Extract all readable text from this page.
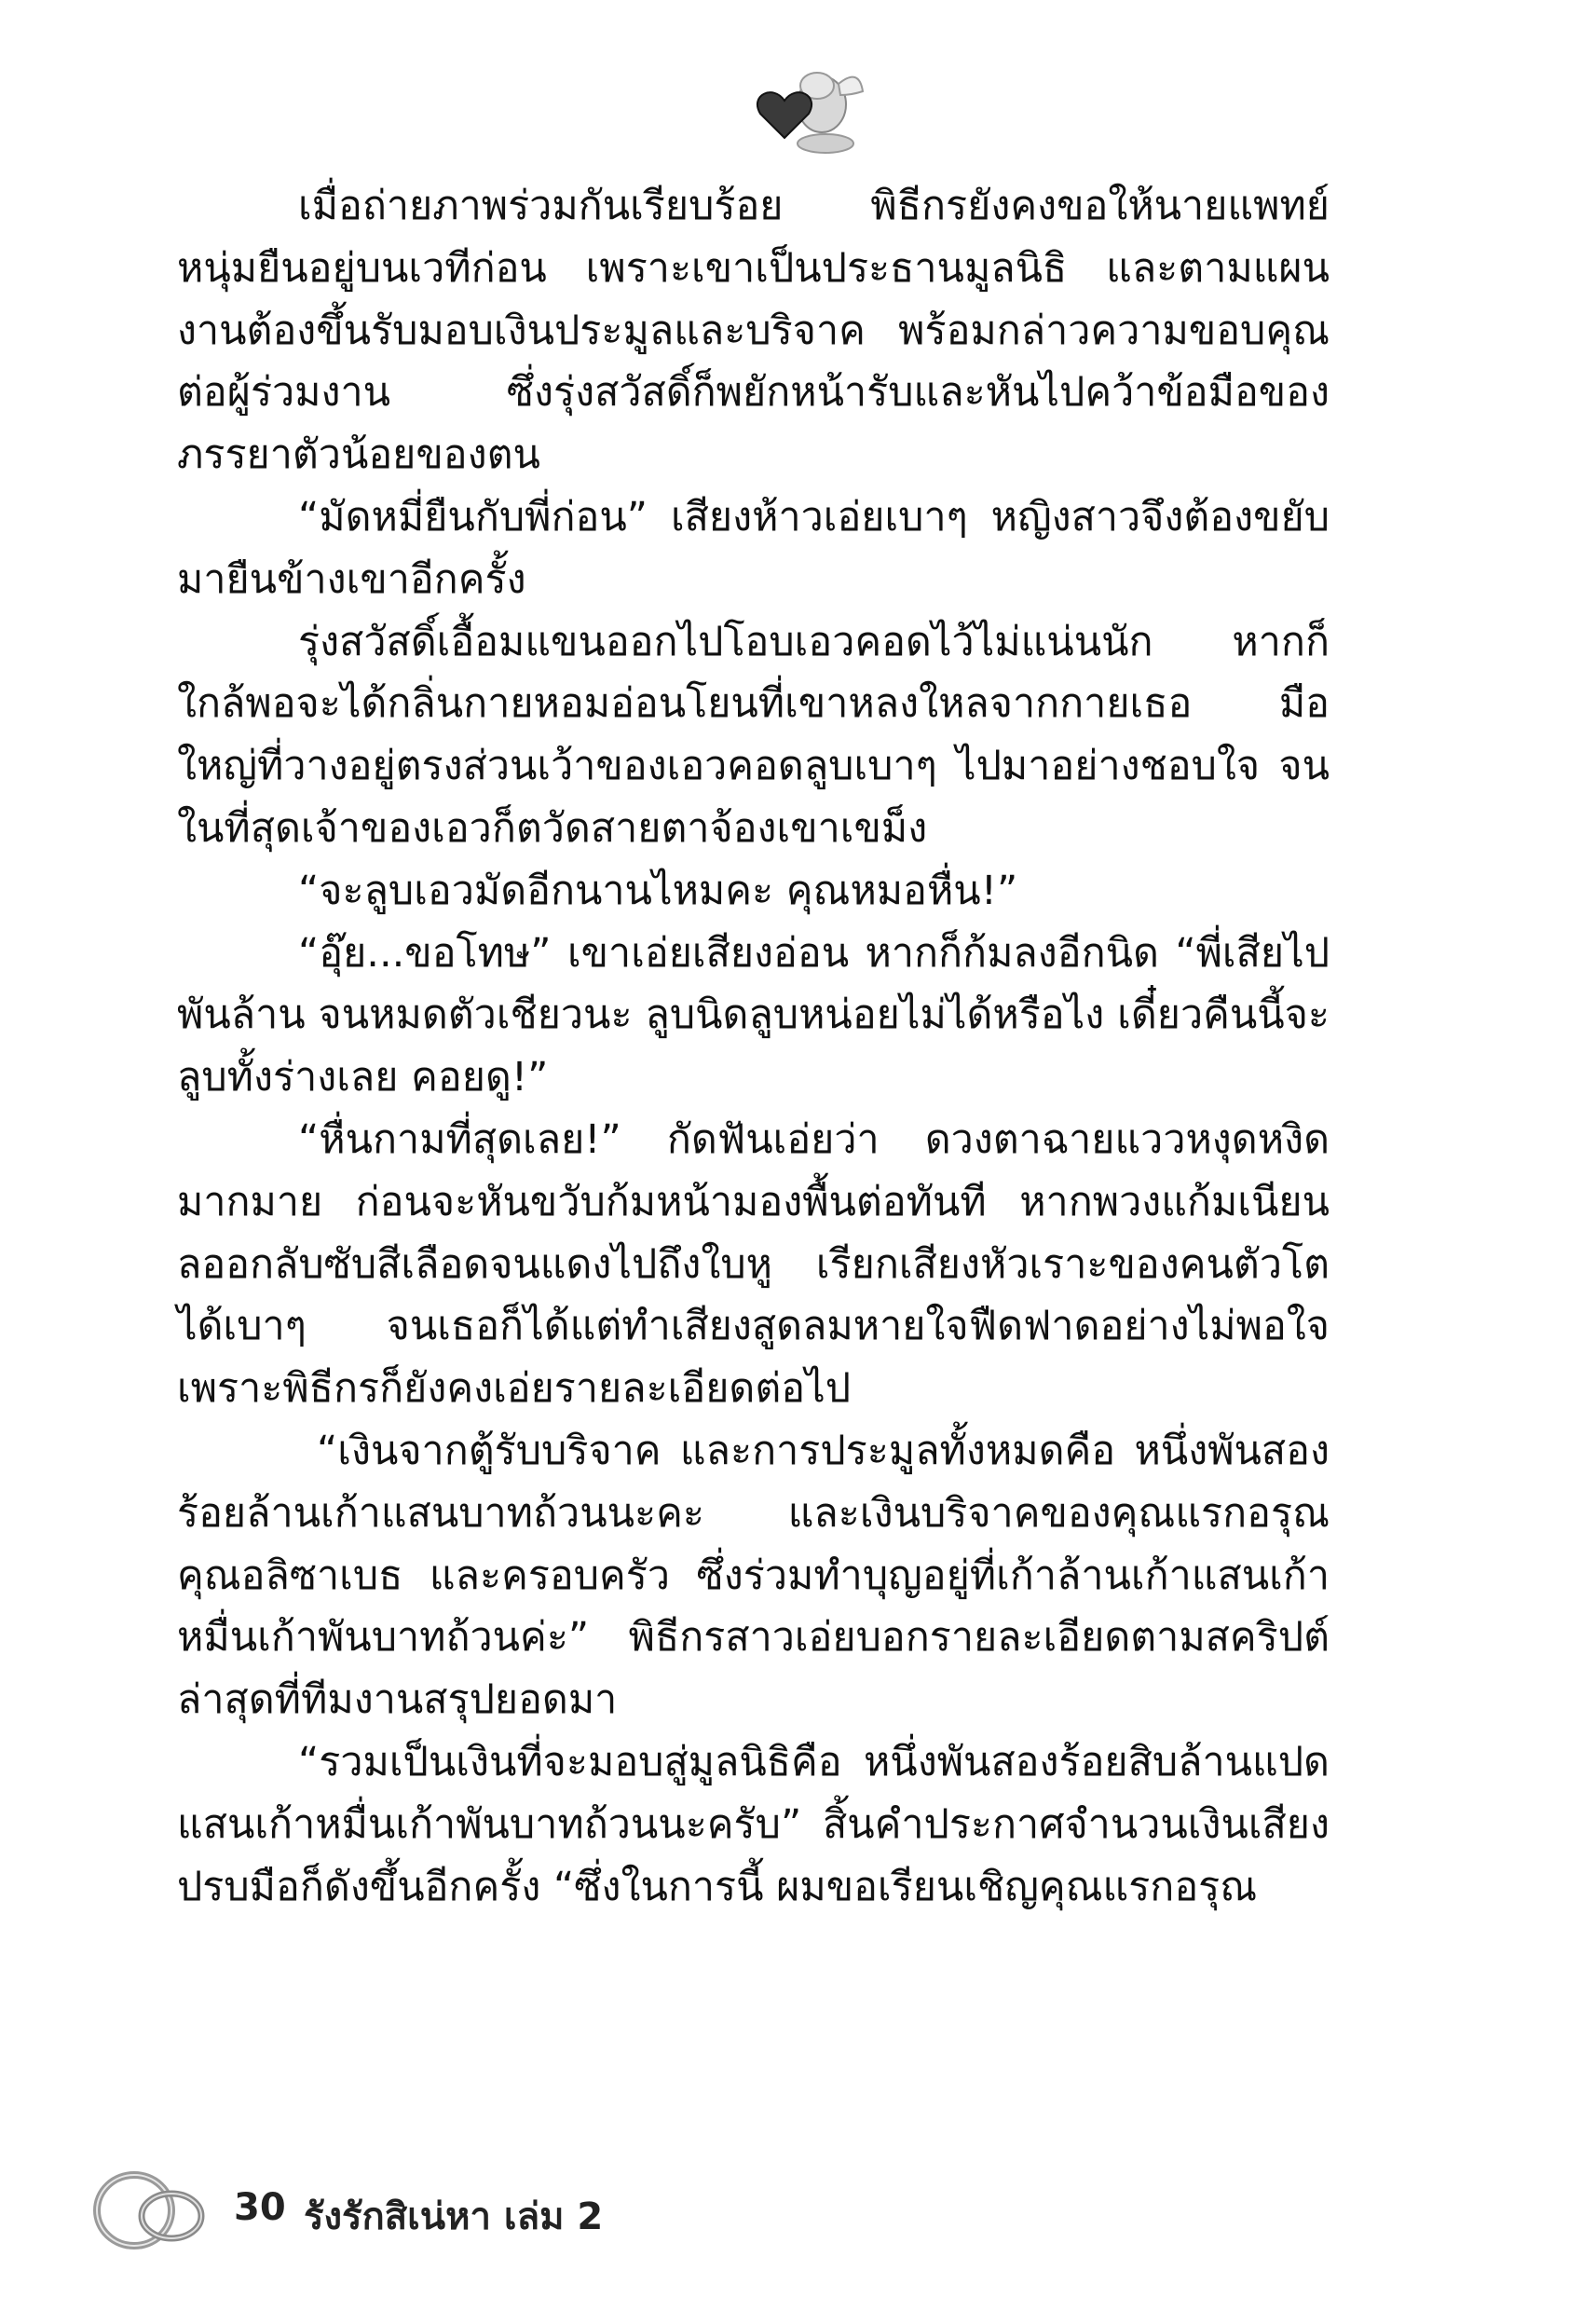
เมื่อถ่ายภาพร่วมกันเรียบร้อย พิธีกรยังคงขอให้นายแพทย์หนุ่มยืนอยู่บนเวทีก่อน เพราะเขาเป็นประธานมูลนิธิ และตามแผนงานต้องขึ้นรับมอบเงินประมูลและบริจาค พร้อมกล่าวความขอบคุณต่อผู้ร่วมงาน ซึ่งรุ่งสวัสดิ์ก็พยักหน้ารับและหันไปคว้าข้อมือของภรรยาตัวน้อยของตน

“มัดหมี่ยืนกับพี่ก่อน” เสียงห้าวเอ่ยเบาๆ หญิงสาวจึงต้องขยับมายืนข้างเขาอีกครั้ง

รุ่งสวัสดิ์เอื้อมแขนออกไปโอบเอวคอดไว้ไม่แน่นนัก หากก็ใกล้พอจะได้กลิ่นกายหอมอ่อนโยนที่เขาหลงใหลจากกายเธอ มือใหญ่ที่วางอยู่ตรงส่วนเว้าของเอวคอดลูบเบาๆ ไปมาอย่างชอบใจ จนในที่สุดเจ้าของเอวก็ตวัดสายตาจ้องเขาเขม็ง

“จะลูบเอวมัดอีกนานไหมคะ คุณหมอหื่น!”

“อุ๊ย...ขอโทษ” เขาเอ่ยเสียงอ่อน หากก็ก้มลงอีกนิด “พี่เสียไปพันล้าน จนหมดตัวเชียวนะ ลูบนิดลูบหน่อยไม่ได้หรือไง เดี๋ยวคืนนี้จะลูบทั้งร่างเลย คอยดู!”

“หื่นกามที่สุดเลย!” กัดฟันเอ่ยว่า ดวงตาฉายแววหงุดหงิดมากมาย ก่อนจะหันขวับก้มหน้ามองพื้นต่อทันที หากพวงแก้มเนียนลออกลับซับสีเลือดจนแดงไปถึงใบหู เรียกเสียงหัวเราะของคนตัวโตได้เบาๆ จนเธอก็ได้แต่ทำเสียงสูดลมหายใจฟืดฟาดอย่างไม่พอใจ เพราะพิธีกรก็ยังคงเอ่ยรายละเอียดต่อไป

“เงินจากตู้รับบริจาค และการประมูลทั้งหมดคือ หนึ่งพันสองร้อยล้านเก้าแสนบาทถ้วนนะคะ และเงินบริจาคของคุณแรกอรุณ คุณอลิซาเบธ และครอบครัว ซึ่งร่วมทำบุญอยู่ที่เก้าล้านเก้าแสนเก้าหมื่นเก้าพันบาทถ้วนค่ะ” พิธีกรสาวเอ่ยบอกรายละเอียดตามสคริปต์ล่าสุดที่ทีมงานสรุปยอดมา

“รวมเป็นเงินที่จะมอบสู่มูลนิธิคือ หนึ่งพันสองร้อยสิบล้านแปดแสนเก้าหมื่นเก้าพันบาทถ้วนนะครับ” สิ้นคำประกาศจำนวนเงินเสียงปรบมือก็ดังขึ้นอีกครั้ง “ซึ่งในการนี้ ผมขอเรียนเชิญคุณแรกอรุณ

30 รังรักสิเน่หา เล่ม 2
